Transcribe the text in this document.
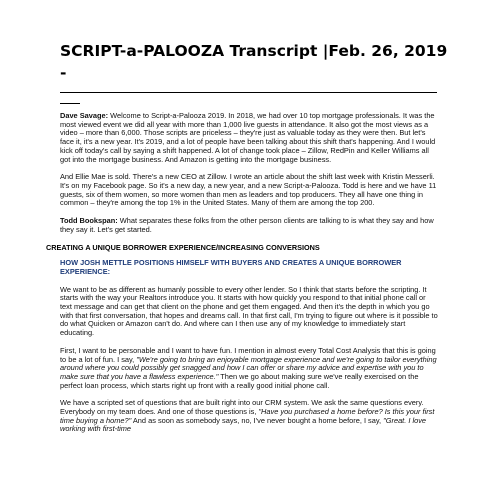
SCRIPT-a-PALOOZA Transcript |Feb. 26, 2019 -

Dave Savage: Welcome to Script-a-Palooza 2019. In 2018, we had over 10 top mortgage professionals. It was the most viewed event we did all year with more than 1,000 live guests in attendance. It also got the most views as a video – more than 6,000. Those scripts are priceless – they're just as valuable today as they were then. But let's face it, it's a new year. It's 2019, and a lot of people have been talking about this shift that's happening. And I would kick off today's call by saying a shift happened. A lot of change took place – Zillow, RedPin and Keller Williams all got into the mortgage business. And Amazon is getting into the mortgage business.

And Ellie Mae is sold. There's a new CEO at Zillow. I wrote an article about the shift last week with Kristin Messerli. It's on my Facebook page. So it's a new day, a new year, and a new Script-a-Palooza. Todd is here and we have 11 guests, six of them women, so more women than men as leaders and top producers. They all have one thing in common – they're among the top 1% in the United States. Many of them are among the top 200.

Todd Bookspan: What separates these folks from the other person clients are talking to is what they say and how they say it. Let's get started.

CREATING A UNIQUE BORROWER EXPERIENCE/INCREASING CONVERSIONS
HOW JOSH METTLE POSITIONS HIMSELF WITH BUYERS AND CREATES A UNIQUE BORROWER EXPERIENCE:

We want to be as different as humanly possible to every other lender. So I think that starts before the scripting. It starts with the way your Realtors introduce you. It starts with how quickly you respond to that initial phone call or text message and can get that client on the phone and get them engaged. And then it's the depth in which you go with that first conversation, that hopes and dreams call. In that first call, I'm trying to figure out where is it possible to do what Quicken or Amazon can't do. And where can I then use any of my knowledge to immediately start educating.

First, I want to be personable and I want to have fun. I mention in almost every Total Cost Analysis that this is going to be a lot of fun. I say, "We're going to bring an enjoyable mortgage experience and we're going to tailor everything around where you could possibly get snagged and how I can offer or share my advice and expertise with you to make sure that you have a flawless experience." Then we go about making sure we've really exercised on the perfect loan process, which starts right up front with a really good initial phone call.

We have a scripted set of questions that are built right into our CRM system. We ask the same questions every. Everybody on my team does. And one of those questions is, "Have you purchased a home before? Is this your first time buying a home?" And as soon as somebody says, no, I've never bought a home before, I say, "Great. I love working with first-time
